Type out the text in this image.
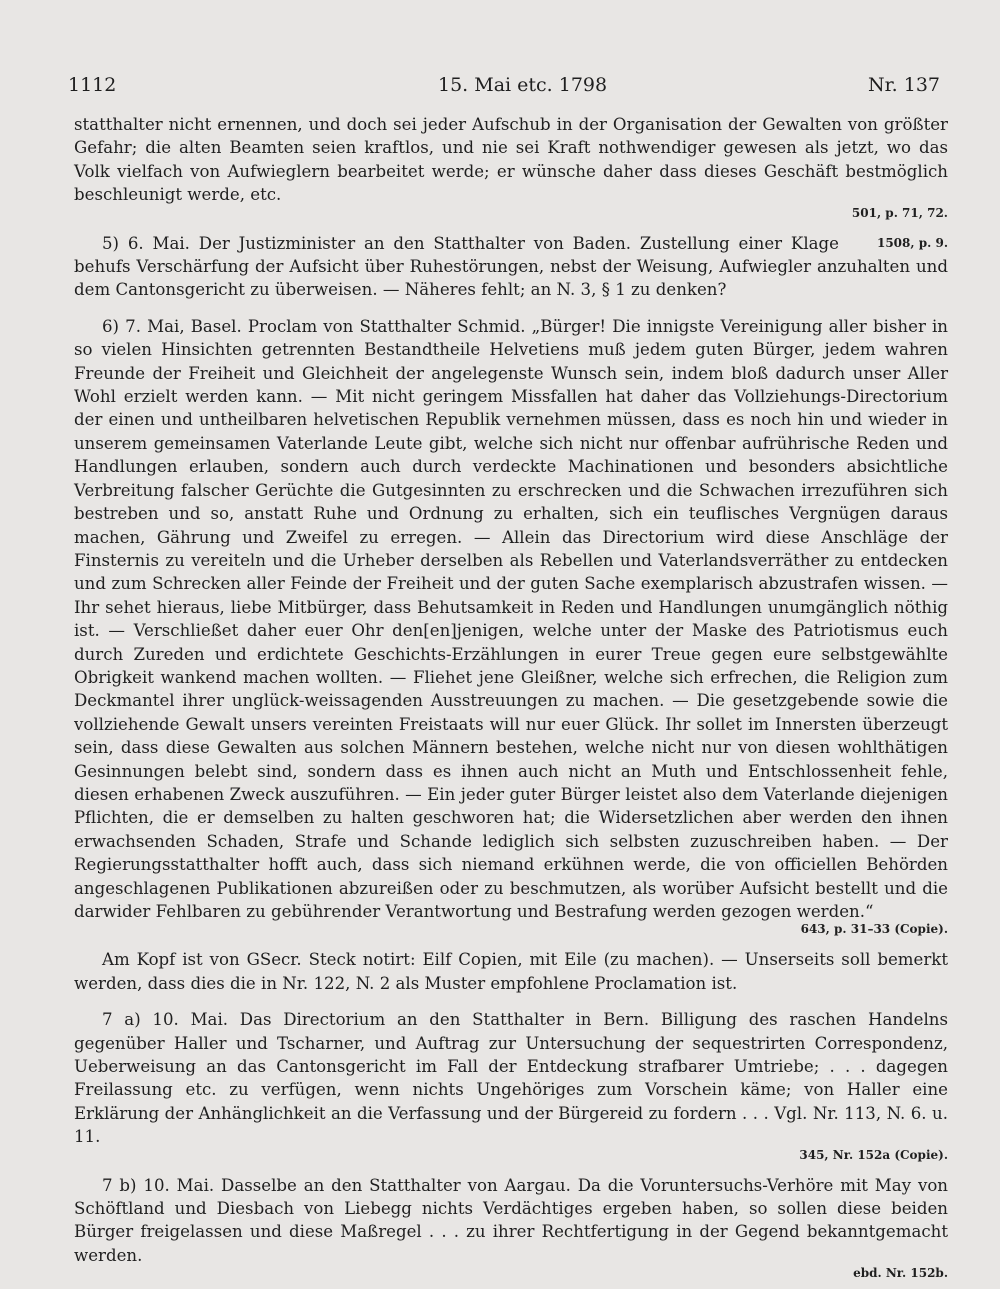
1112	15. Mai etc. 1798	Nr. 137

statthalter nicht ernennen, und doch sei jeder Aufschub in der Organisation der Gewalten von größter Gefahr; die alten Beamten seien kraftlos, und nie sei Kraft nothwendiger gewesen als jetzt, wo das Volk vielfach von Aufwieglern bearbeitet werde; er wünsche daher dass dieses Geschäft bestmöglich beschleunigt werde, etc.

501, p. 71, 72.

1508, p. 9.
5) 6. Mai. Der Justizminister an den Statthalter von Baden. Zustellung einer Klage behufs Verschärfung der Aufsicht über Ruhestörungen, nebst der Weisung, Aufwiegler anzuhalten und dem Cantonsgericht zu überweisen. — Näheres fehlt; an N. 3, § 1 zu denken?

6) 7. Mai, Basel. Proclam von Statthalter Schmid. „Bürger! Die innigste Vereinigung aller bisher in so vielen Hinsichten getrennten Bestandtheile Helvetiens muß jedem guten Bürger, jedem wahren Freunde der Freiheit und Gleichheit der angelegenste Wunsch sein, indem bloß dadurch unser Aller Wohl erzielt werden kann. — Mit nicht geringem Missfallen hat daher das Vollziehungs-Directorium der einen und untheilbaren helvetischen Republik vernehmen müssen, dass es noch hin und wieder in unserem gemeinsamen Vaterlande Leute gibt, welche sich nicht nur offenbar aufrührische Reden und Handlungen erlauben, sondern auch durch verdeckte Machinationen und besonders absichtliche Verbreitung falscher Gerüchte die Gutgesinnten zu erschrecken und die Schwachen irrezuführen sich bestreben und so, anstatt Ruhe und Ordnung zu erhalten, sich ein teuflisches Vergnügen daraus machen, Gährung und Zweifel zu erregen. — Allein das Directorium wird diese Anschläge der Finsternis zu vereiteln und die Urheber derselben als Rebellen und Vaterlandsverräther zu entdecken und zum Schrecken aller Feinde der Freiheit und der guten Sache exemplarisch abzustrafen wissen. — Ihr sehet hieraus, liebe Mitbürger, dass Behutsamkeit in Reden und Handlungen unumgänglich nöthig ist. — Verschließet daher euer Ohr den[en]jenigen, welche unter der Maske des Patriotismus euch durch Zureden und erdichtete Geschichts-Erzählungen in eurer Treue gegen eure selbstgewählte Obrigkeit wankend machen wollten. — Fliehet jene Gleißner, welche sich erfrechen, die Religion zum Deckmantel ihrer unglück-weissagenden Ausstreuungen zu machen. — Die gesetzgebende sowie die vollziehende Gewalt unsers vereinten Freistaats will nur euer Glück. Ihr sollet im Innersten überzeugt sein, dass diese Gewalten aus solchen Männern bestehen, welche nicht nur von diesen wohlthätigen Gesinnungen belebt sind, sondern dass es ihnen auch nicht an Muth und Entschlossenheit fehle, diesen erhabenen Zweck auszuführen. — Ein jeder guter Bürger leistet also dem Vaterlande diejenigen Pflichten, die er demselben zu halten geschworen hat; die Widersetzlichen aber werden den ihnen erwachsenden Schaden, Strafe und Schande lediglich sich selbsten zuzuschreiben haben. — Der Regierungsstatthalter hofft auch, dass sich niemand erkühnen werde, die von officiellen Behörden angeschlagenen Publikationen abzureißen oder zu beschmutzen, als worüber Aufsicht bestellt und die darwider Fehlbaren zu gebührender Verantwortung und Bestrafung werden gezogen werden.“

643, p. 31–33 (Copie).

Am Kopf ist von GSecr. Steck notirt: Eilf Copien, mit Eile (zu machen). — Unserseits soll bemerkt werden, dass dies die in Nr. 122, N. 2 als Muster empfohlene Proclamation ist.

7 a) 10. Mai. Das Directorium an den Statthalter in Bern. Billigung des raschen Handelns gegenüber Haller und Tscharner, und Auftrag zur Untersuchung der sequestrirten Correspondenz, Ueberweisung an das Cantonsgericht im Fall der Entdeckung strafbarer Umtriebe; . . . dagegen Freilassung etc. zu verfügen, wenn nichts Ungehöriges zum Vorschein käme; von Haller eine Erklärung der Anhänglichkeit an die Verfassung und der Bürgereid zu fordern . . . Vgl. Nr. 113, N. 6. u. 11.

345, Nr. 152a (Copie).

7 b) 10. Mai. Dasselbe an den Statthalter von Aargau. Da die Voruntersuchs-Verhöre mit May von Schöftland und Diesbach von Liebegg nichts Verdächtiges ergeben haben, so sollen diese beiden Bürger freigelassen und diese Maßregel . . . zu ihrer Rechtfertigung in der Gegend bekanntgemacht werden.

ebd. Nr. 152b.
